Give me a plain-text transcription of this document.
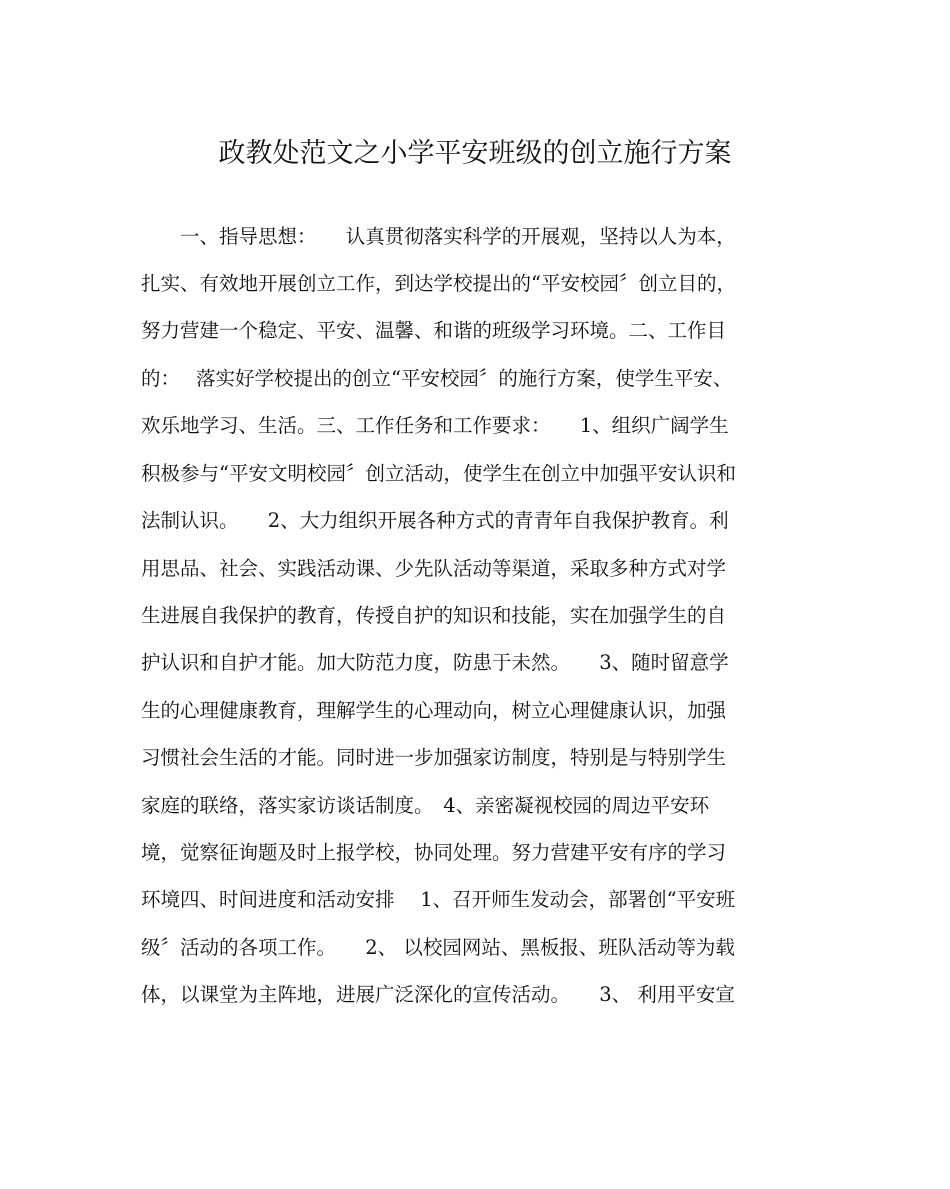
政教处范文之小学平安班级的创立施行方案
　　一、指导思想：　　认真贯彻落实科学的开展观，坚持以人为本，
扎实、有效地开展创立工作，到达学校提出的“平安校园〞创立目的，
努力营建一个稳定、平安、温馨、和谐的班级学习环境。二、工作目
的：　 落实好学校提出的创立“平安校园〞的施行方案，使学生平安、
欢乐地学习、生活。三、工作任务和工作要求：　　1、组织广阔学生
积极参与“平安文明校园〞创立活动，使学生在创立中加强平安认识和
法制认识。　　2、大力组织开展各种方式的青青年自我保护教育。利
用思品、社会、实践活动课、少先队活动等渠道，采取多种方式对学
生进展自我保护的教育，传授自护的知识和技能，实在加强学生的自
护认识和自护才能。加大防范力度，防患于未然。　　3、随时留意学
生的心理健康教育，理解学生的心理动向，树立心理健康认识，加强
习惯社会生活的才能。同时进一步加强家访制度，特别是与特别学生
家庭的联络，落实家访谈话制度。　4、亲密凝视校园的周边平安环
境，觉察征询题及时上报学校，协同处理。努力营建平安有序的学习
环境四、时间进度和活动安排　 1、召开师生发动会，部署创“平安班
级〞活动的各项工作。　　2、 以校园网站、黑板报、班队活动等为载
体，以课堂为主阵地，进展广泛深化的宣传活动。　　3、 利用平安宣
